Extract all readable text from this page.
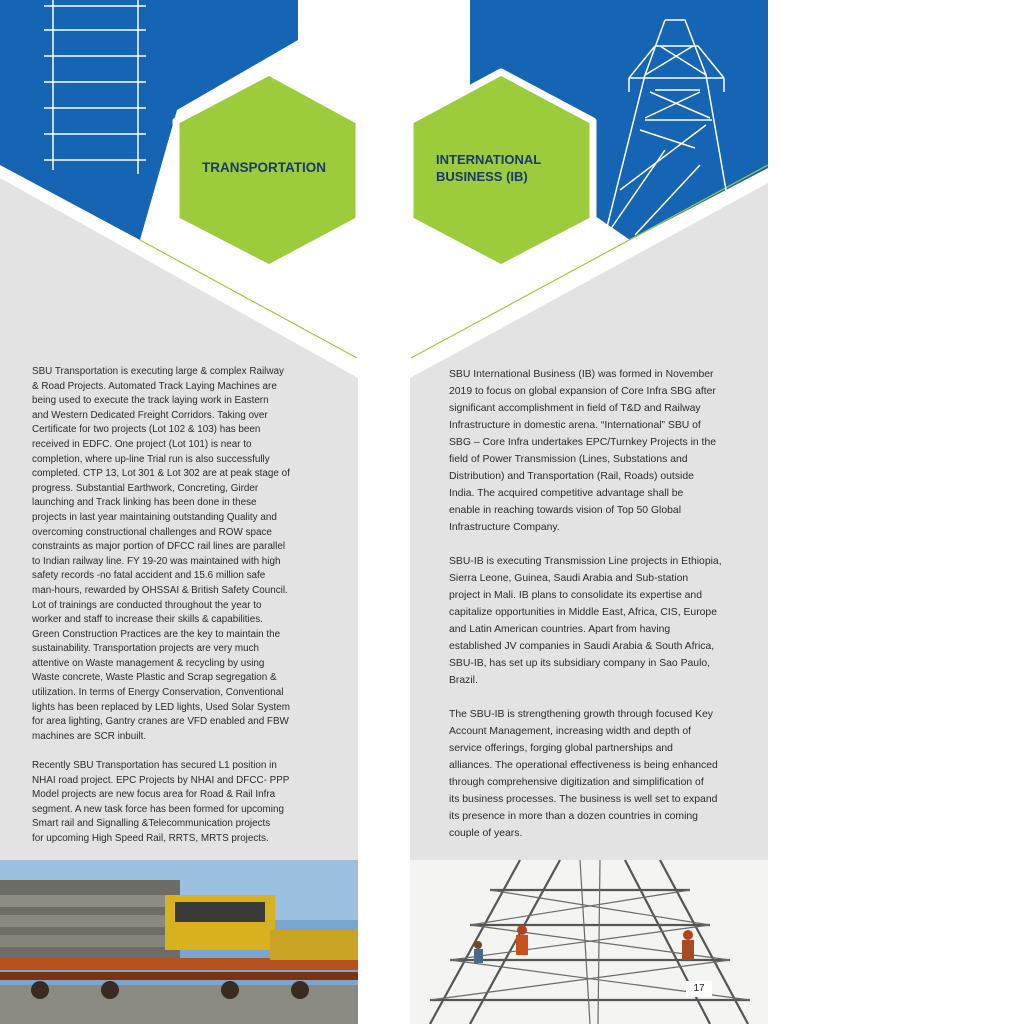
TRANSPORTATION
INTERNATIONAL
BUSINESS (IB)

SBU Transportation is executing large & complex Railway
& Road Projects. Automated Track Laying Machines are
being used to execute the track laying work in Eastern
and Western Dedicated Freight Corridors. Taking over
Certificate for two projects (Lot 102 & 103) has been
received in EDFC. One project (Lot 101) is near to
completion, where up-line Trial run is also successfully
completed. CTP 13, Lot 301 & Lot 302 are at peak stage of
progress. Substantial Earthwork, Concreting, Girder
launching and Track linking has been done in these
projects in last year maintaining outstanding Quality and
overcoming constructional challenges and ROW space
constraints as major portion of DFCC rail lines are parallel
to Indian railway line. FY 19-20 was maintained with high
safety records -no fatal accident and 15.6 million safe
man-hours, rewarded by OHSSAI & British Safety Council.
Lot of trainings are conducted throughout the year to
worker and staff to increase their skills & capabilities.
Green Construction Practices are the key to maintain the
sustainability. Transportation projects are very much
attentive on Waste management & recycling by using
Waste concrete, Waste Plastic and Scrap segregation &
utilization. In terms of Energy Conservation, Conventional
lights has been replaced by LED lights, Used Solar System
for area lighting, Gantry cranes are VFD enabled and FBW
machines are SCR inbuilt.

Recently SBU Transportation has secured L1 position in
NHAI road project. EPC Projects by NHAI and DFCC- PPP
Model projects are new focus area for Road & Rail Infra
segment. A new task force has been formed for upcoming
Smart rail and Signalling &Telecommunication projects
for upcoming High Speed Rail, RRTS, MRTS projects.

SBU International Business (IB) was formed in November
2019 to focus on global expansion of Core Infra SBG after
significant accomplishment in field of T&D and Railway
Infrastructure in domestic arena. “International” SBU of
SBG – Core Infra undertakes EPC/Turnkey Projects in the
field of Power Transmission (Lines, Substations and
Distribution) and Transportation (Rail, Roads) outside
India. The acquired competitive advantage shall be
enable in reaching towards vision of Top 50 Global
Infrastructure Company.

SBU-IB is executing Transmission Line projects in Ethiopia,
Sierra Leone, Guinea, Saudi Arabia and Sub-station
project in Mali. IB plans to consolidate its expertise and
capitalize opportunities in Middle East, Africa, CIS, Europe
and Latin American countries. Apart from having
established JV companies in Saudi Arabia & South Africa,
SBU-IB, has set up its subsidiary company in Sao Paulo,
Brazil.

The SBU-IB is strengthening growth through focused Key
Account Management, increasing width and depth of
service offerings, forging global partnerships and
alliances. The operational effectiveness is being enhanced
through comprehensive digitization and simplification of
its business processes. The business is well set to expand
its presence in more than a dozen countries in coming
couple of years.

17
